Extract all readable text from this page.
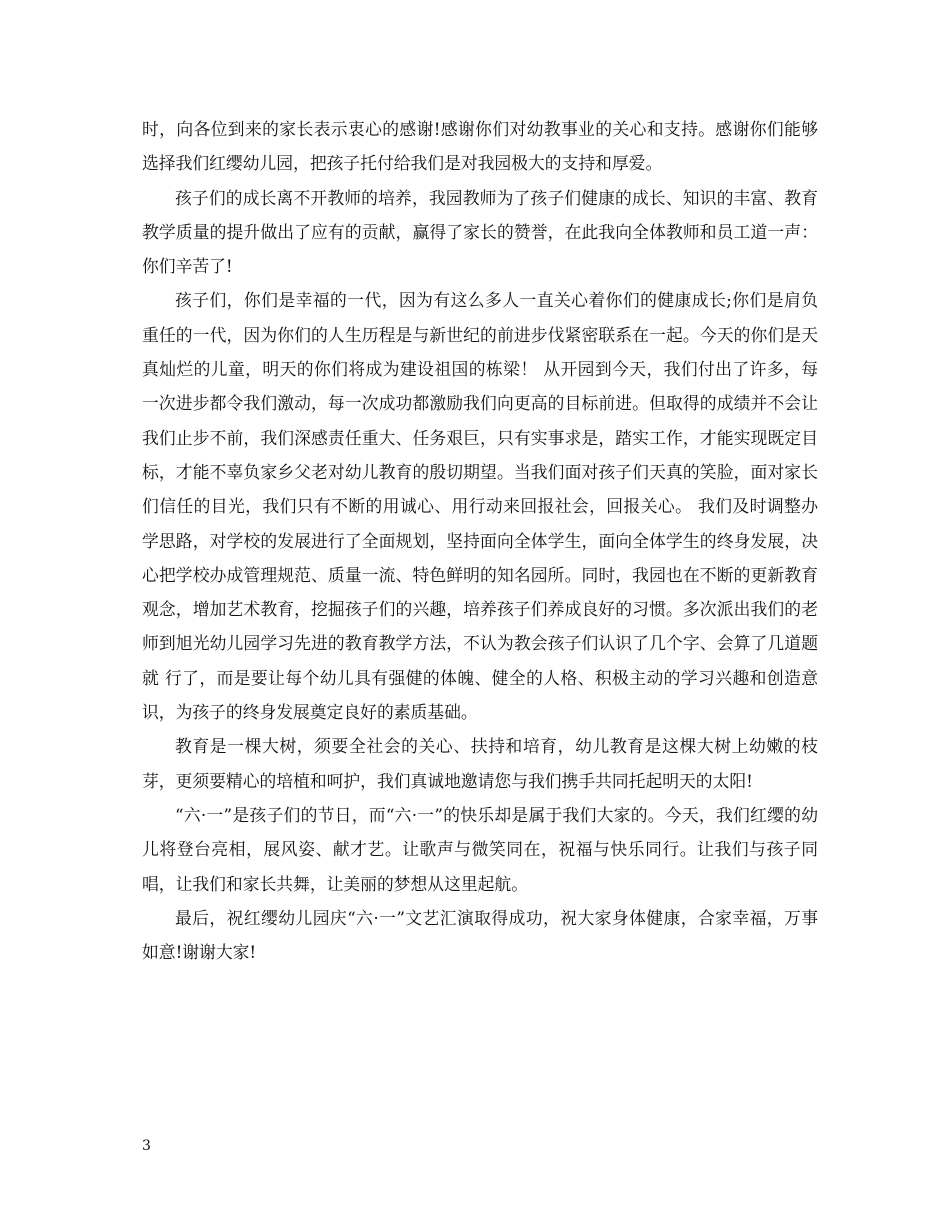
时，向各位到来的家长表示衷心的感谢!感谢你们对幼教事业的关心和支持。感谢你们能够选择我们红缨幼儿园，把孩子托付给我们是对我园极大的支持和厚爱。

孩子们的成长离不开教师的培养，我园教师为了孩子们健康的成长、知识的丰富、教育教学质量的提升做出了应有的贡献，赢得了家长的赞誉，在此我向全体教师和员工道一声：你们辛苦了!

孩子们，你们是幸福的一代，因为有这么多人一直关心着你们的健康成长;你们是肩负重任的一代，因为你们的人生历程是与新世纪的前进步伐紧密联系在一起。今天的你们是天真灿烂的儿童，明天的你们将成为建设祖国的栋梁！ 从开园到今天，我们付出了许多，每一次进步都令我们激动，每一次成功都激励我们向更高的目标前进。但取得的成绩并不会让我们止步不前，我们深感责任重大、任务艰巨，只有实事求是，踏实工作，才能实现既定目标，才能不辜负家乡父老对幼儿教育的殷切期望。当我们面对孩子们天真的笑脸，面对家长们信任的目光，我们只有不断的用诚心、用行动来回报社会，回报关心。 我们及时调整办学思路，对学校的发展进行了全面规划，坚持面向全体学生，面向全体学生的终身发展，决心把学校办成管理规范、质量一流、特色鲜明的知名园所。同时，我园也在不断的更新教育观念，增加艺术教育，挖掘孩子们的兴趣，培养孩子们养成良好的习惯。多次派出我们的老师到旭光幼儿园学习先进的教育教学方法，不认为教会孩子们认识了几个字、会算了几道题就 行了，而是要让每个幼儿具有强健的体魄、健全的人格、积极主动的学习兴趣和创造意识，为孩子的终身发展奠定良好的素质基础。

教育是一棵大树，须要全社会的关心、扶持和培育，幼儿教育是这棵大树上幼嫩的枝芽，更须要精心的培植和呵护，我们真诚地邀请您与我们携手共同托起明天的太阳!

“六·一”是孩子们的节日，而“六·一”的快乐却是属于我们大家的。今天，我们红缨的幼儿将登台亮相，展风姿、献才艺。让歌声与微笑同在，祝福与快乐同行。让我们与孩子同唱，让我们和家长共舞，让美丽的梦想从这里起航。

最后，祝红缨幼儿园庆“六·一”文艺汇演取得成功，祝大家身体健康，合家幸福，万事如意!谢谢大家!

3
